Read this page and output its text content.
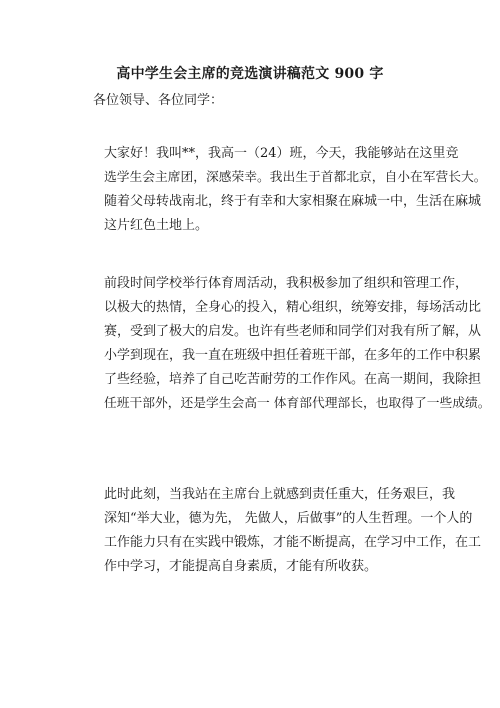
高中学生会主席的竞选演讲稿范文 900 字
各位领导、各位同学：
大家好！我叫**，我高一（24）班，今天，我能够站在这里竞
选学生会主席团，深感荣幸。我出生于首都北京，自小在军营长大。
随着父母转战南北，终于有幸和大家相聚在麻城一中，生活在麻城
这片红色土地上。
前段时间学校举行体育周活动，我积极参加了组织和管理工作，
以极大的热情，全身心的投入，精心组织，统筹安排，每场活动比
赛，受到了极大的启发。也许有些老师和同学们对我有所了解，从
小学到现在，我一直在班级中担任着班干部，在多年的工作中积累
了些经验，培养了自己吃苦耐劳的工作作风。在高一期间，我除担
任班干部外，还是学生会高一 体育部代理部长，也取得了一些成绩。
此时此刻，当我站在主席台上就感到责任重大，任务艰巨，我
深知“举大业，德为先， 先做人，后做事”的人生哲理。一个人的
工作能力只有在实践中锻炼，才能不断提高，在学习中工作，在工
作中学习，才能提高自身素质，才能有所收获。
